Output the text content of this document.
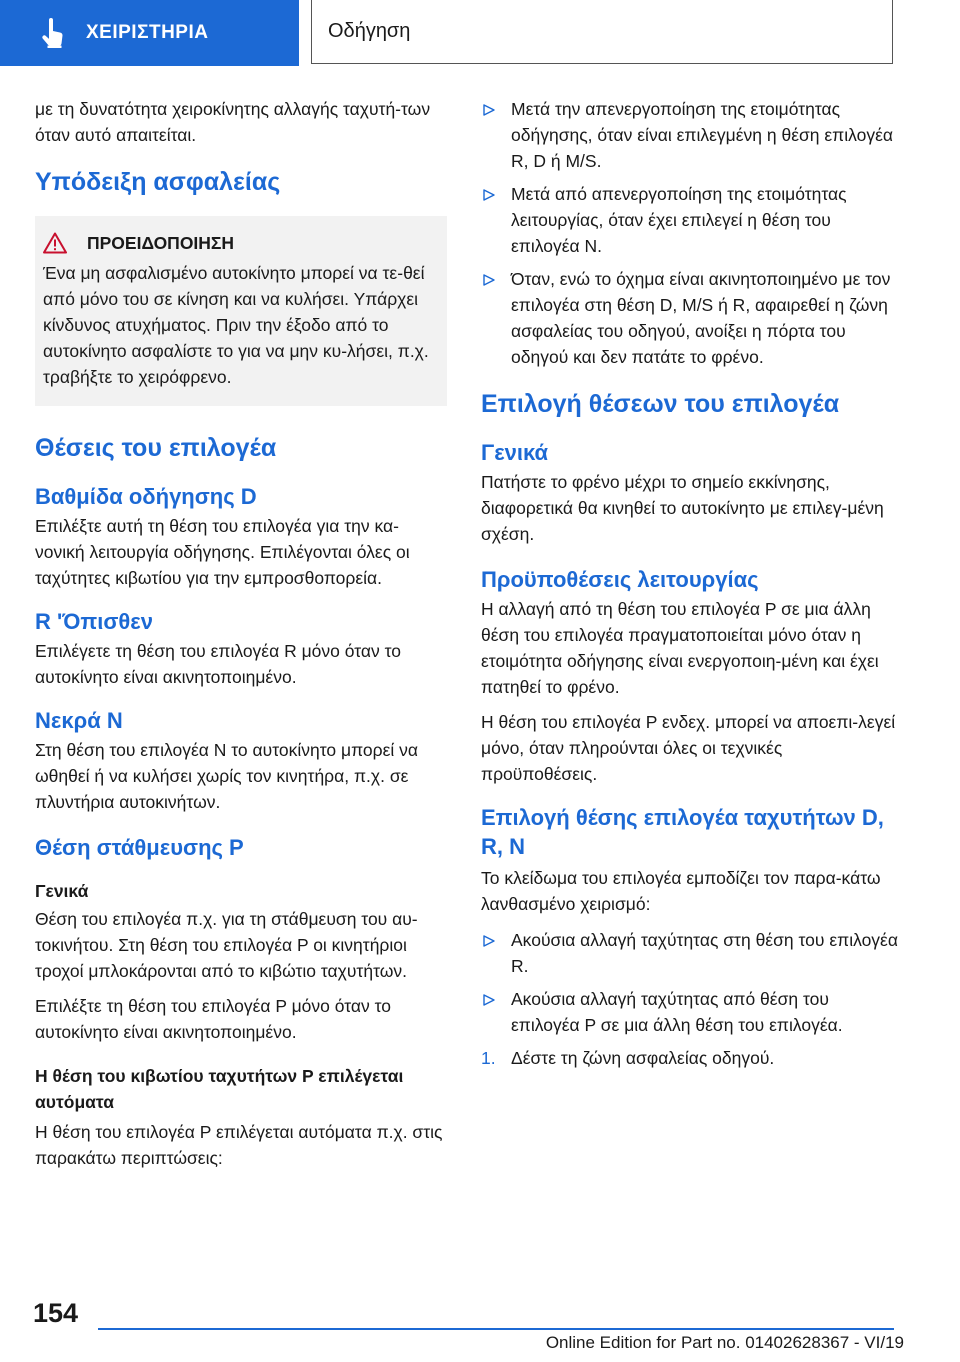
ΧΕΙΡΙΣΤΗΡΙΑ	Οδήγηση

με τη δυνατότητα χειροκίνητης αλλαγής ταχυτή-των όταν αυτό απαιτείται.

Υπόδειξη ασφαλείας
ΠΡΟΕΙΔΟΠΟΙΗΣΗ

Ένα μη ασφαλισμένο αυτοκίνητο μπορεί να τε-θεί από μόνο του σε κίνηση και να κυλήσει. Υπάρχει κίνδυνος ατυχήματος. Πριν την έξοδο από το αυτοκίνητο ασφαλίστε το για να μην κυ-λήσει, π.χ. τραβήξτε το χειρόφρενο.

Θέσεις του επιλογέα
Βαθμίδα οδήγησης D

Επιλέξτε αυτή τη θέση του επιλογέα για την κα-νονική λειτουργία οδήγησης. Επιλέγονται όλες οι ταχύτητες κιβωτίου για την εμπροσθοπορεία.

R 'Όπισθεν

Επιλέγετε τη θέση του επιλογέα R μόνο όταν το αυτοκίνητο είναι ακινητοποιημένο.

Νεκρά N

Στη θέση του επιλογέα N το αυτοκίνητο μπορεί να ωθηθεί ή να κυλήσει χωρίς τον κινητήρα, π.χ. σε πλυντήρια αυτοκινήτων.

Θέση στάθμευσης P
Γενικά

Θέση του επιλογέα π.χ. για τη στάθμευση του αυ-τοκινήτου. Στη θέση του επιλογέα P οι κινητήριοι τροχοί μπλοκάρονται από το κιβώτιο ταχυτήτων.

Επιλέξτε τη θέση του επιλογέα P μόνο όταν το αυτοκίνητο είναι ακινητοποιημένο.

Η θέση του κιβωτίου ταχυτήτων P επιλέγεται αυτόματα

Η θέση του επιλογέα P επιλέγεται αυτόματα π.χ. στις παρακάτω περιπτώσεις:

Μετά την απενεργοποίηση της ετοιμότητας οδήγησης, όταν είναι επιλεγμένη η θέση επιλογέα R, D ή M/S.
Μετά από απενεργοποίηση της ετοιμότητας λειτουργίας, όταν έχει επιλεγεί η θέση του επιλογέα N.
Όταν, ενώ το όχημα είναι ακινητοποιημένο με τον επιλογέα στη θέση D, M/S ή R, αφαιρεθεί η ζώνη ασφαλείας του οδηγού, ανοίξει η πόρτα του οδηγού και δεν πατάτε το φρένο.
Επιλογή θέσεων του επιλογέα
Γενικά

Πατήστε το φρένο μέχρι το σημείο εκκίνησης, διαφορετικά θα κινηθεί το αυτοκίνητο με επιλεγ-μένη σχέση.

Προϋποθέσεις λειτουργίας

Η αλλαγή από τη θέση του επιλογέα P σε μια άλλη θέση του επιλογέα πραγματοποιείται μόνο όταν η ετοιμότητα οδήγησης είναι ενεργοποιη-μένη και έχει πατηθεί το φρένο.

Η θέση του επιλογέα P ενδεχ. μπορεί να αποεπι-λεγεί μόνο, όταν πληρούνται όλες οι τεχνικές προϋποθέσεις.

Επιλογή θέσης επιλογέα ταχυτήτων D, R, N

Το κλείδωμα του επιλογέα εμποδίζει τον παρα-κάτω λανθασμένο χειρισμό:

Ακούσια αλλαγή ταχύτητας στη θέση του επιλογέα R.
Ακούσια αλλαγή ταχύτητας από θέση του επιλογέα P σε μια άλλη θέση του επιλογέα.
1. Δέστε τη ζώνη ασφαλείας οδηγού.
154
Online Edition for Part no. 01402628367 - VI/19
